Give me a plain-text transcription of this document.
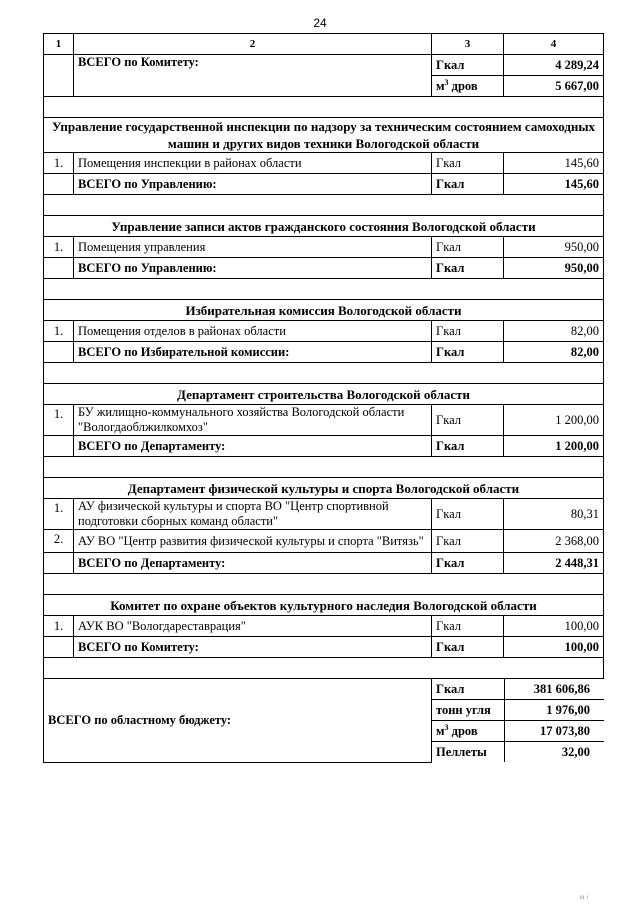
24
1	2	3	4
	ВСЕГО по Комитету:	Гкал	4 289,24
$м^3$ дров	5 667,00

Управление государственной инспекции по надзору за техническим состоянием самоходных машин и других видов техники Вологодской области
1.	Помещения инспекции в районах области	Гкал	145,60
	ВСЕГО по Управлению:	Гкал	145,60

Управление записи актов гражданского состояния Вологодской области
1.	Помещения управления	Гкал	950,00
	ВСЕГО по Управлению:	Гкал	950,00

Избирательная комиссия Вологодской области
1.	Помещения отделов в районах области	Гкал	82,00
	ВСЕГО по Избирательной комиссии:	Гкал	82,00

Департамент строительства Вологодской области
1.	БУ жилищно-коммунального хозяйства Вологодской области "Вологдаоблжилкомхоз"	Гкал	1 200,00
	ВСЕГО по Департаменту:	Гкал	1 200,00

Департамент физической культуры и спорта Вологодской области
1.	АУ физической культуры и спорта ВО "Центр спортивной подготовки сборных команд области"	Гкал	80,31
2.	АУ ВО "Центр развития физической культуры и спорта "Витязь"	Гкал	2 368,00
	ВСЕГО по Департаменту:	Гкал	2 448,31

Комитет по охране объектов культурного наследия Вологодской области
1.	АУК ВО "Вологдареставрация"	Гкал	100,00
	ВСЕГО по Комитету:	Гкал	100,00

ВСЕГО по областному бюджету:	
Гкал	381 606,86
тонн угля	1 976,00
$м^3$ дров	17 073,80
Пеллеты	32,00
ııı ı
